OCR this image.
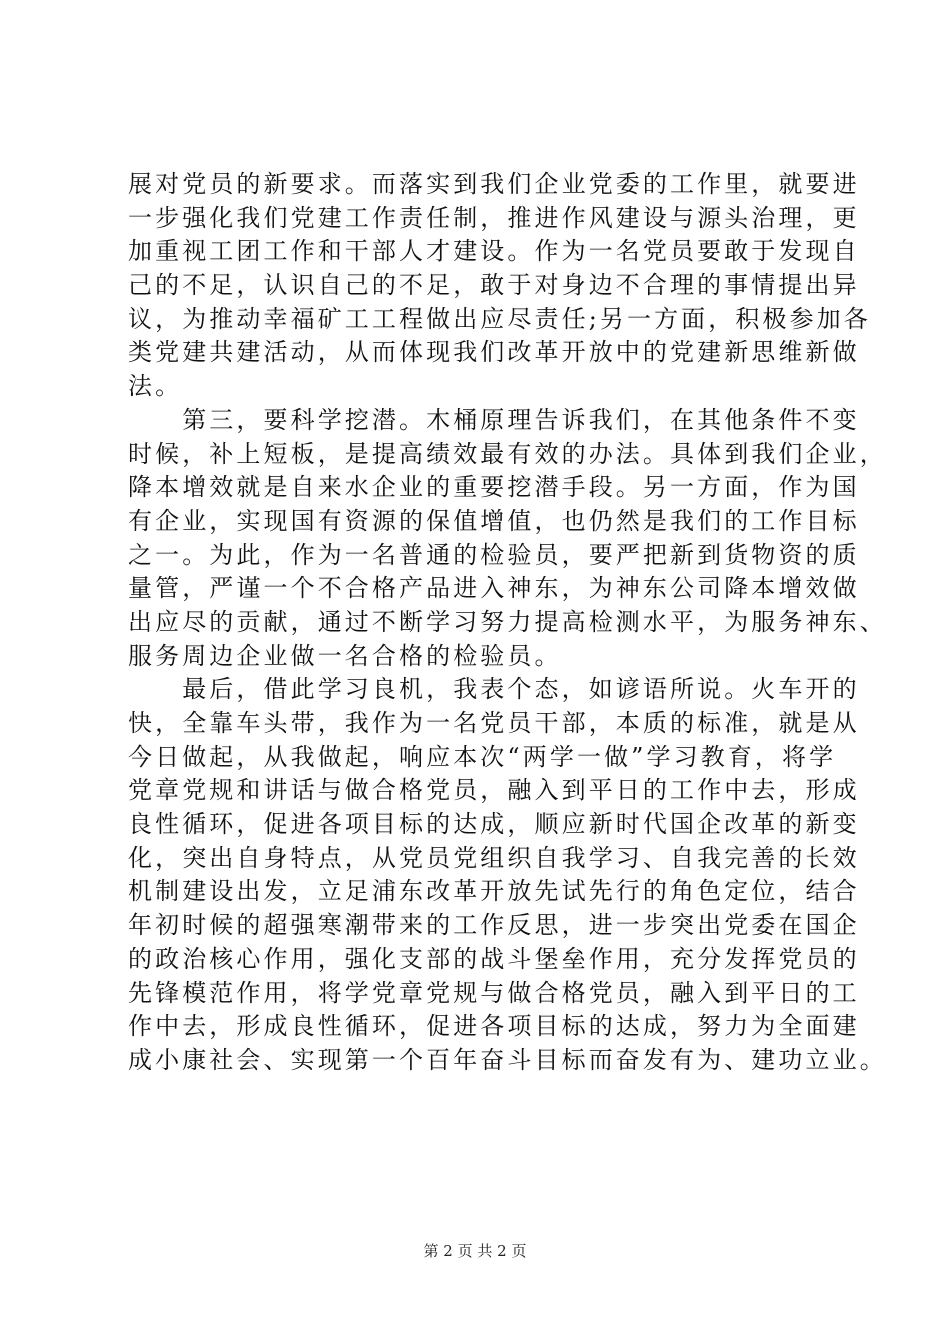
展对党员的新要求。而落实到我们企业党委的工作里，就要进
一步强化我们党建工作责任制，推进作风建设与源头治理，更
加重视工团工作和干部人才建设。作为一名党员要敢于发现自
己的不足，认识自己的不足，敢于对身边不合理的事情提出异
议，为推动幸福矿工工程做出应尽责任;另一方面，积极参加各
类党建共建活动，从而体现我们改革开放中的党建新思维新做
法。
　　第三，要科学挖潜。木桶原理告诉我们，在其他条件不变
时候，补上短板，是提高绩效最有效的办法。具体到我们企业，
降本增效就是自来水企业的重要挖潜手段。另一方面，作为国
有企业，实现国有资源的保值增值，也仍然是我们的工作目标
之一。为此，作为一名普通的检验员，要严把新到货物资的质
量管，严谨一个不合格产品进入神东，为神东公司降本增效做
出应尽的贡献，通过不断学习努力提高检测水平，为服务神东、
服务周边企业做一名合格的检验员。
　　最后，借此学习良机，我表个态，如谚语所说。火车开的
快，全靠车头带，我作为一名党员干部，本质的标准，就是从
今日做起，从我做起，响应本次“两学一做”学习教育，将学
党章党规和讲话与做合格党员，融入到平日的工作中去，形成
良性循环，促进各项目标的达成，顺应新时代国企改革的新变
化，突出自身特点，从党员党组织自我学习、自我完善的长效
机制建设出发，立足浦东改革开放先试先行的角色定位，结合
年初时候的超强寒潮带来的工作反思，进一步突出党委在国企
的政治核心作用，强化支部的战斗堡垒作用，充分发挥党员的
先锋模范作用，将学党章党规与做合格党员，融入到平日的工
作中去，形成良性循环，促进各项目标的达成，努力为全面建
成小康社会、实现第一个百年奋斗目标而奋发有为、建功立业。
第 2 页 共 2 页
